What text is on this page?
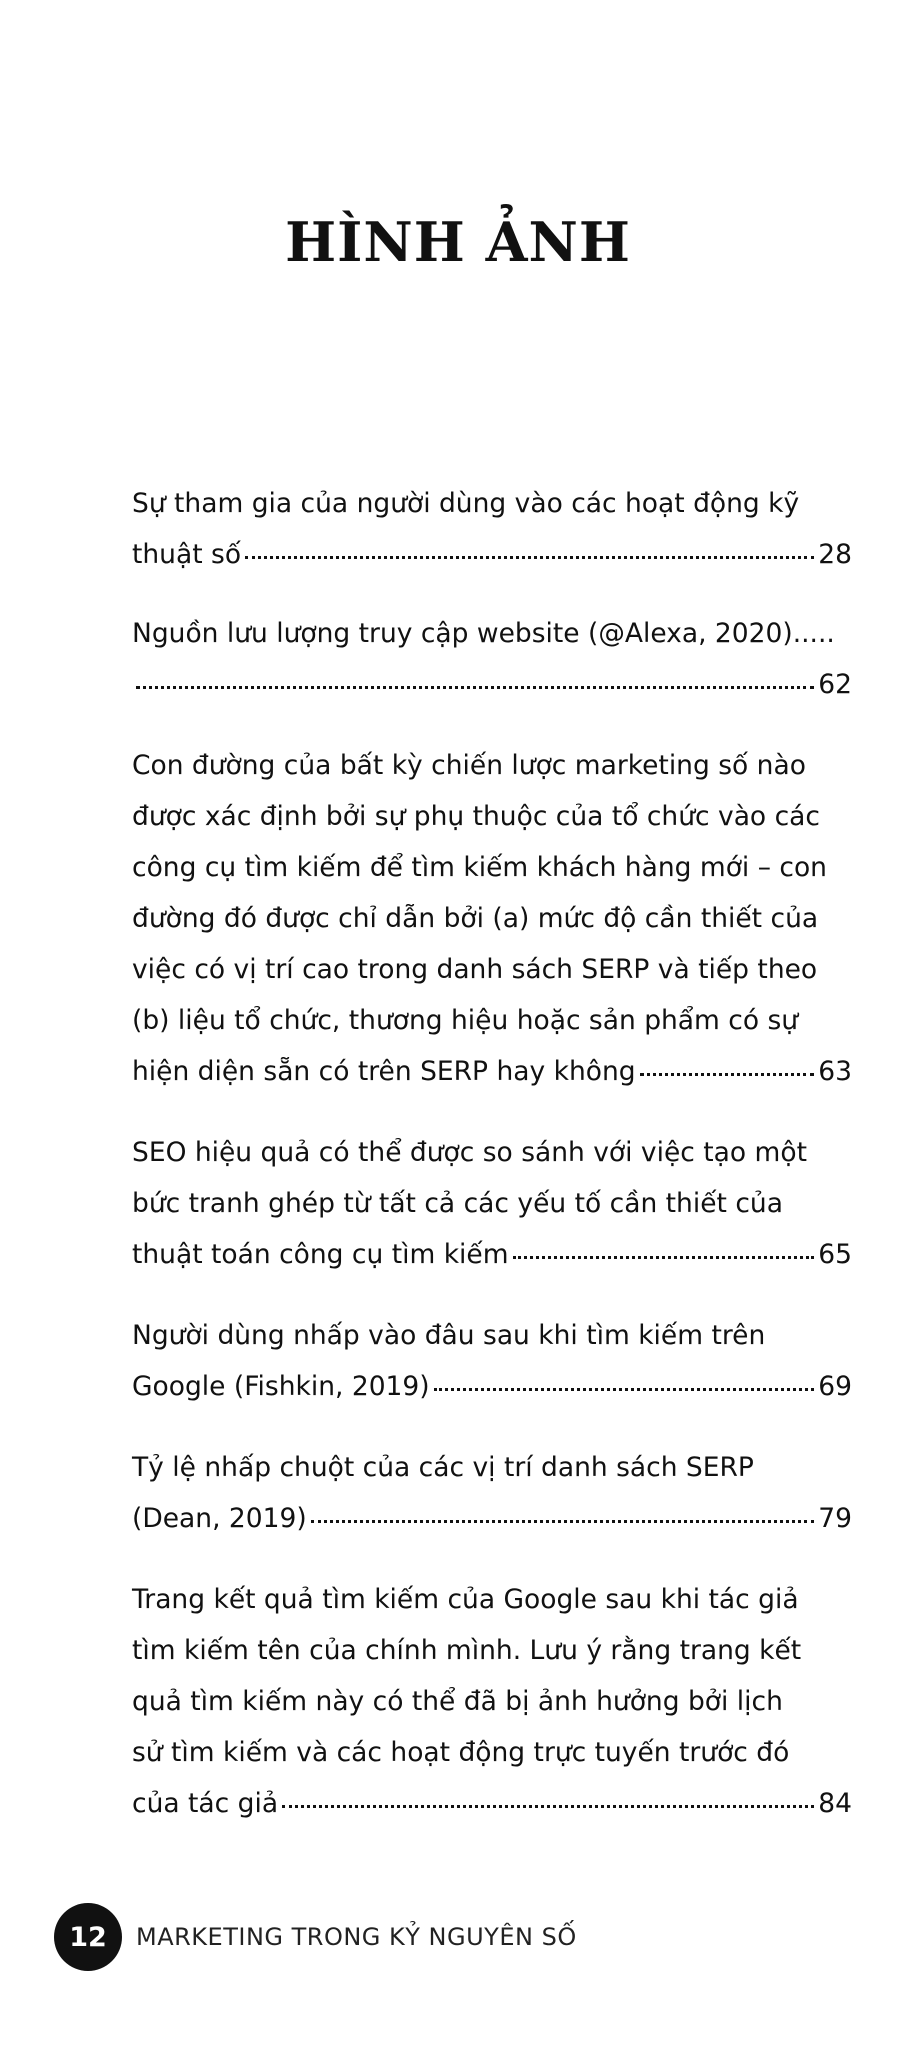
HÌNH ẢNH

Sự tham gia của người dùng vào các hoạt động kỹ

thuật số	28

Nguồn lưu lượng truy cập website (@Alexa, 2020).....

62

Con đường của bất kỳ chiến lược marketing số nào

được xác định bởi sự phụ thuộc của tổ chức vào các

công cụ tìm kiếm để tìm kiếm khách hàng mới – con

đường đó được chỉ dẫn bởi (a) mức độ cần thiết của

việc có vị trí cao trong danh sách SERP và tiếp theo

(b) liệu tổ chức, thương hiệu hoặc sản phẩm có sự

hiện diện sẵn có trên SERP hay không	63

SEO hiệu quả có thể được so sánh với việc tạo một

bức tranh ghép từ tất cả các yếu tố cần thiết của

thuật toán công cụ tìm kiếm	65

Người dùng nhấp vào đâu sau khi tìm kiếm trên

Google (Fishkin, 2019)	69

Tỷ lệ nhấp chuột của các vị trí danh sách SERP

(Dean, 2019)	79

Trang kết quả tìm kiếm của Google sau khi tác giả

tìm kiếm tên của chính mình. Lưu ý rằng trang kết

quả tìm kiếm này có thể đã bị ảnh hưởng bởi lịch

sử tìm kiếm và các hoạt động trực tuyến trước đó

của tác giả	84
12	MARKETING TRONG KỶ NGUYÊN SỐ
